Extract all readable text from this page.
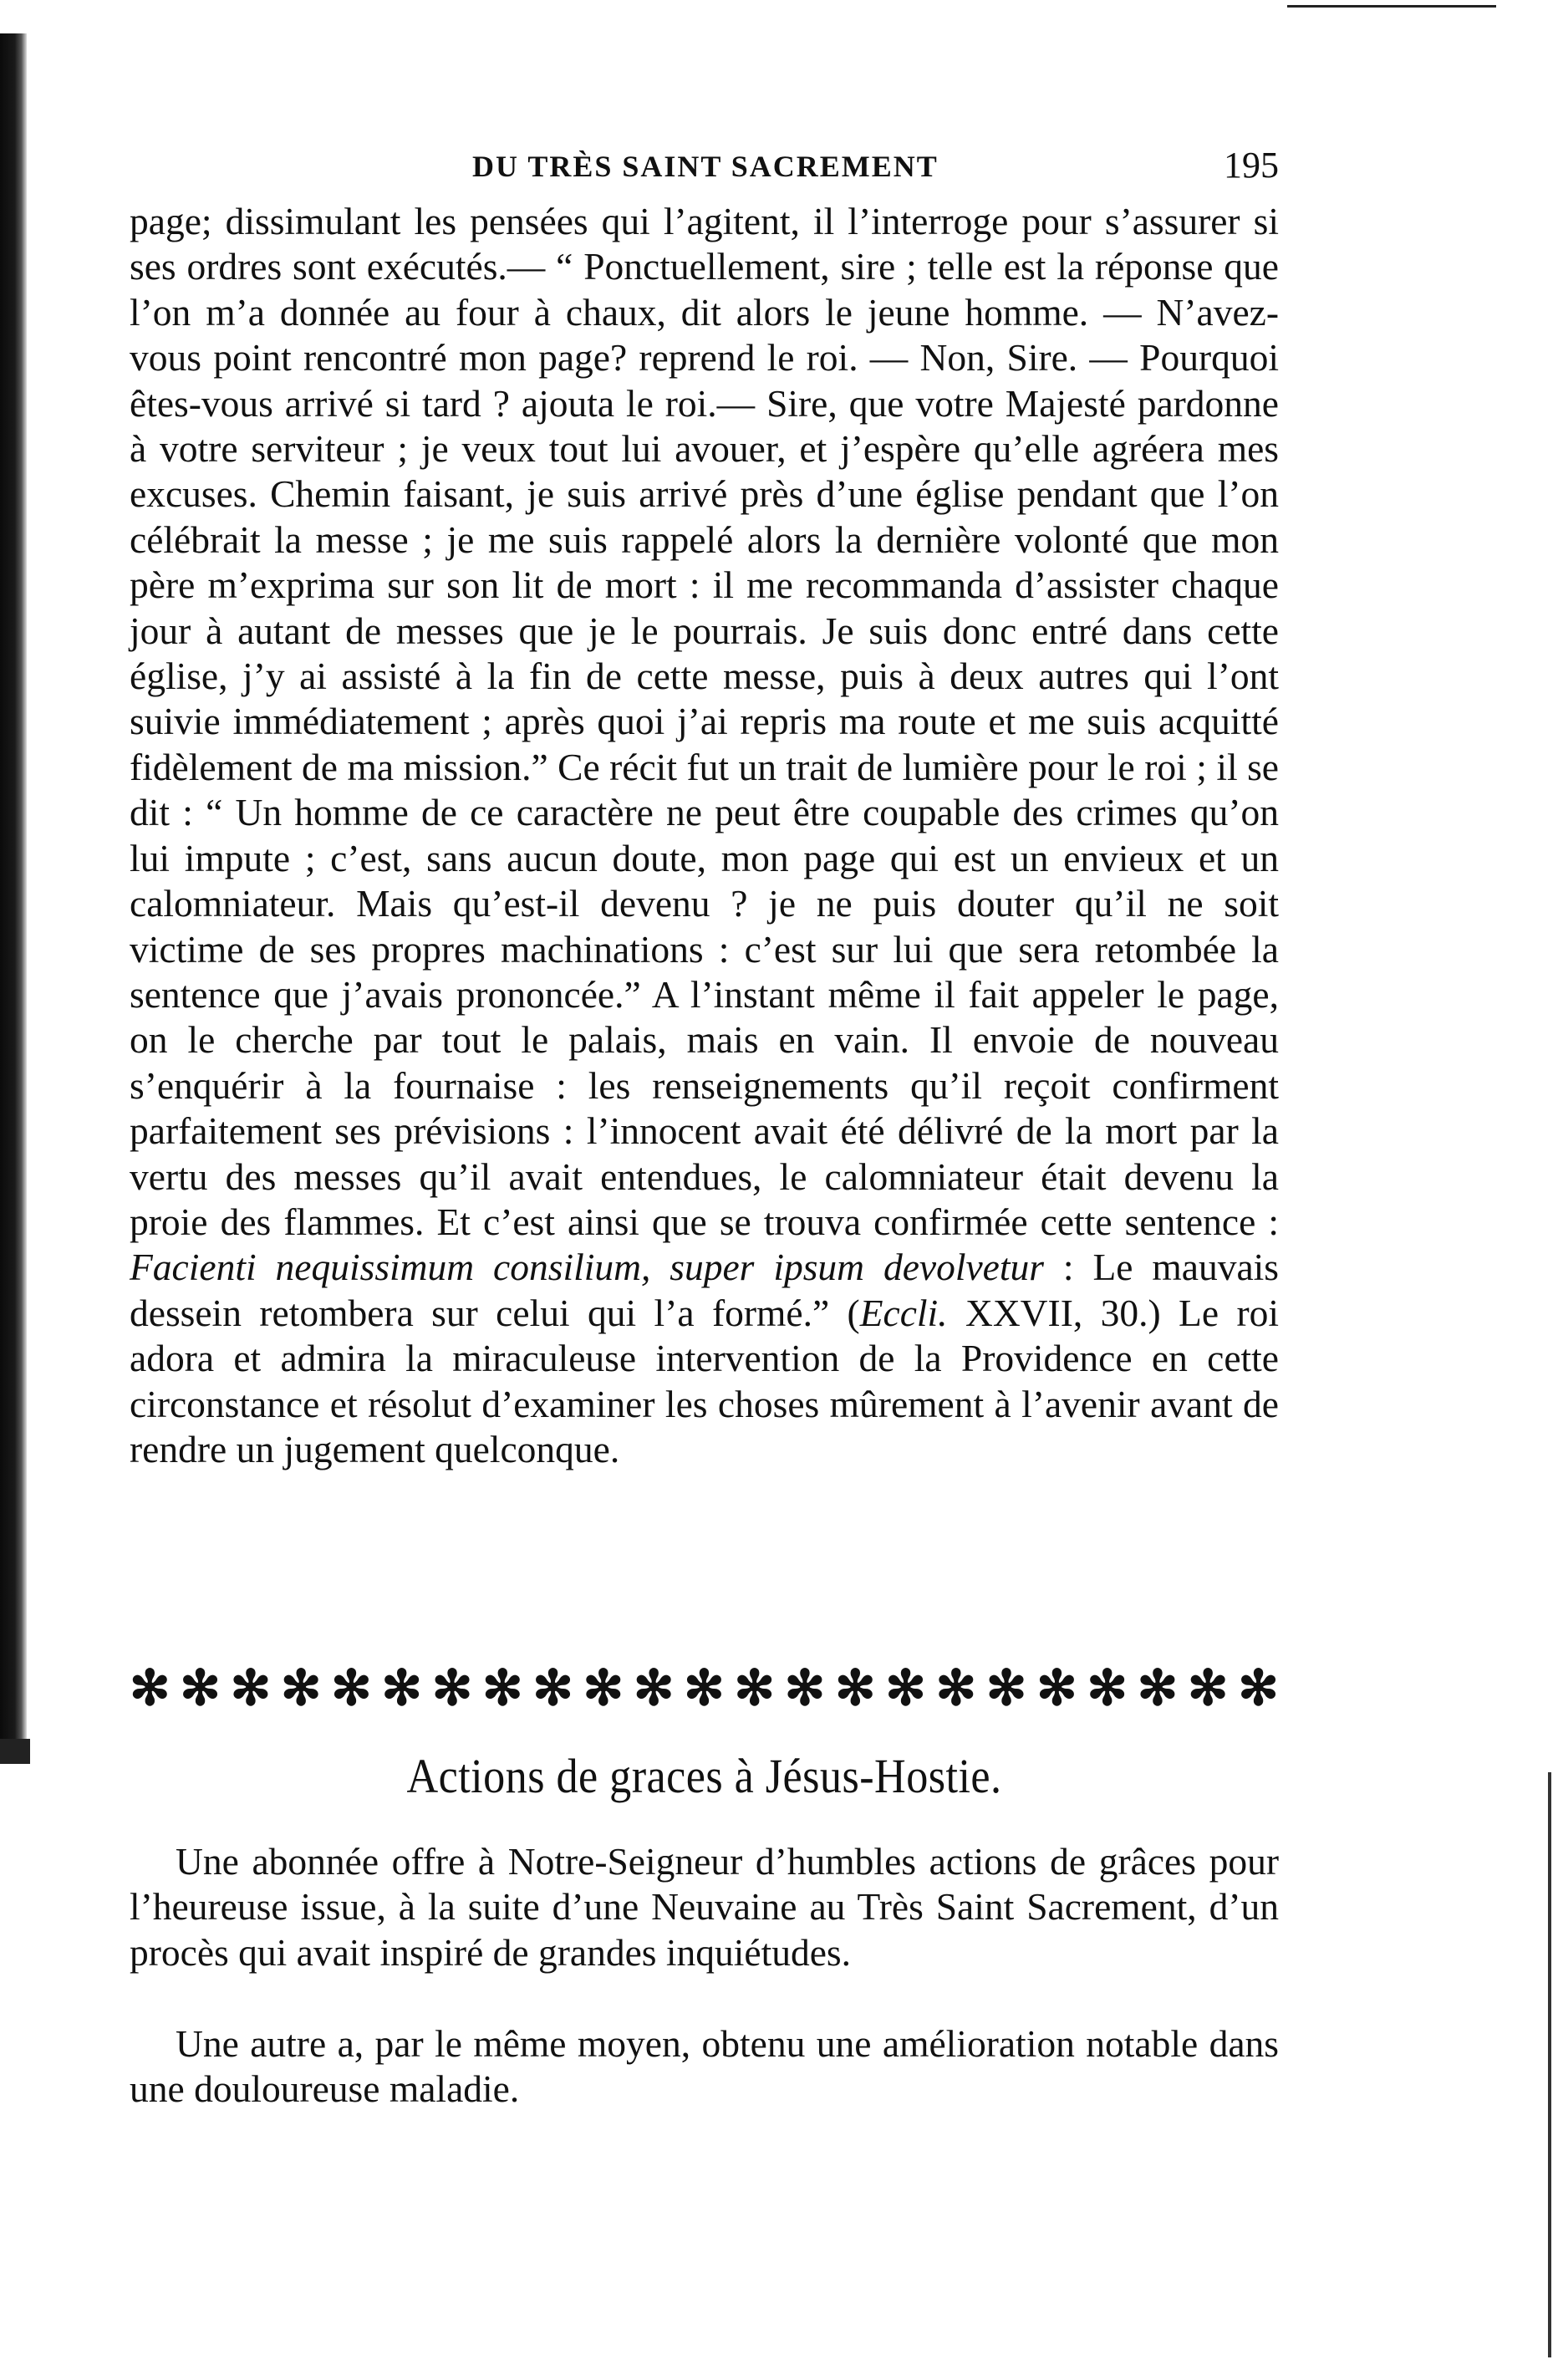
DU TRÈS SAINT SACREMENT	195

page; dissimulant les pensées qui l’agitent, il l’interroge pour s’assurer si ses ordres sont exécutés.— “ Ponctuellement, sire ; telle est la réponse que l’on m’a donnée au four à chaux, dit alors le jeune homme. — N’avez-vous point rencontré mon page? reprend le roi. — Non, Sire. — Pourquoi êtes-vous arrivé si tard ? ajouta le roi.— Sire, que votre Majesté pardonne à votre serviteur ; je veux tout lui avouer, et j’espère qu’elle agréera mes excuses. Chemin faisant, je suis arrivé près d’une église pendant que l’on célébrait la messe ; je me suis rappelé alors la dernière volonté que mon père m’exprima sur son lit de mort : il me recommanda d’assister chaque jour à autant de messes que je le pourrais. Je suis donc entré dans cette église, j’y ai assisté à la fin de cette messe, puis à deux autres qui l’ont suivie immédiatement ; après quoi j’ai repris ma route et me suis acquitté fidèlement de ma mission.” Ce récit fut un trait de lumière pour le roi ; il se dit : “ Un homme de ce caractère ne peut être coupable des crimes qu’on lui impute ; c’est, sans aucun doute, mon page qui est un envieux et un calomniateur. Mais qu’est-il devenu ? je ne puis douter qu’il ne soit victime de ses propres machinations : c’est sur lui que sera retombée la sentence que j’avais prononcée.” A l’instant même il fait appeler le page, on le cherche par tout le palais, mais en vain. Il envoie de nouveau s’enquérir à la fournaise : les renseignements qu’il reçoit confirment parfaitement ses prévisions : l’innocent avait été délivré de la mort par la vertu des messes qu’il avait entendues, le calomniateur était devenu la proie des flammes. Et c’est ainsi que se trouva confirmée cette sentence : Facienti nequissimum consilium, super ipsum devolvetur : Le mauvais dessein retombera sur celui qui l’a formé.” (Eccli. XXVII, 30.) Le roi adora et admira la miraculeuse intervention de la Providence en cette circonstance et résolut d’examiner les choses mûrement à l’avenir avant de rendre un jugement quelconque.

✻ ✻ ✻ ✻ ✻ ✻ ✻ ✻ ✻ ✻ ✻ ✻ ✻ ✻ ✻ ✻ ✻ ✻ ✻ ✻ ✻ ✻ ✻
Actions de graces à Jésus-Hostie.

Une abonnée offre à Notre-Seigneur d’humbles actions de grâces pour l’heureuse issue, à la suite d’une Neuvaine au Très Saint Sacrement, d’un procès qui avait inspiré de grandes inquiétudes.

Une autre a, par le même moyen, obtenu une amélioration notable dans une douloureuse maladie.
